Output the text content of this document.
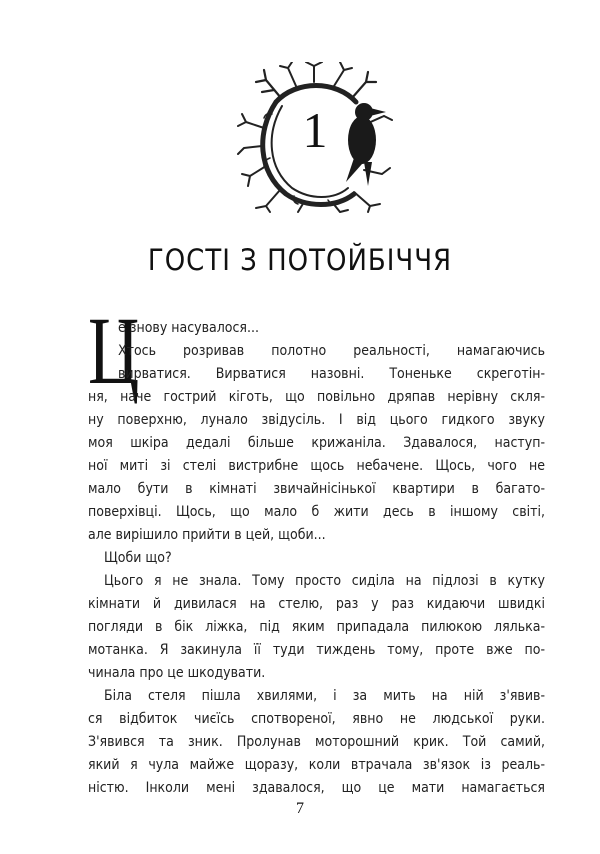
1
ГОСТІ З ПОТОЙБІЧЧЯ
Ц

е знову насувалося...

Хтось розривав полотно реальності, намагаючись

вирватися. Вирватися назовні. Тоненьке скреготін-

ня, наче гострий кіготь, що повільно дряпав нерівну скля-

ну поверхню, лунало звідусіль. І від цього гидкого звуку

моя шкіра дедалі більше крижаніла. Здавалося, наступ-

ної миті зі стелі вистрибне щось небачене. Щось, чого не

мало бути в кімнаті звичайнісінької квартири в багато-

поверхівці. Щось, що мало б жити десь в іншому світі,

але вирішило прийти в цей, щоби...

Щоби що?

Цього я не знала. Тому просто сиділа на підлозі в кутку

кімнати й дивилася на стелю, раз у раз кидаючи швидкі

погляди в бік ліжка, під яким припадала пилюкою лялька-

мотанка. Я закинула її туди тиждень тому, проте вже по-

чинала про це шкодувати.

Біла стеля пішла хвилями, і за мить на ній з'явив-

ся відбиток чиєїсь спотвореної, явно не людської руки.

З'явився та зник. Пролунав моторошний крик. Той самий,

який я чула майже щоразу, коли втрачала зв'язок із реаль-

ністю. Інколи мені здавалося, що це мати намагається

7
